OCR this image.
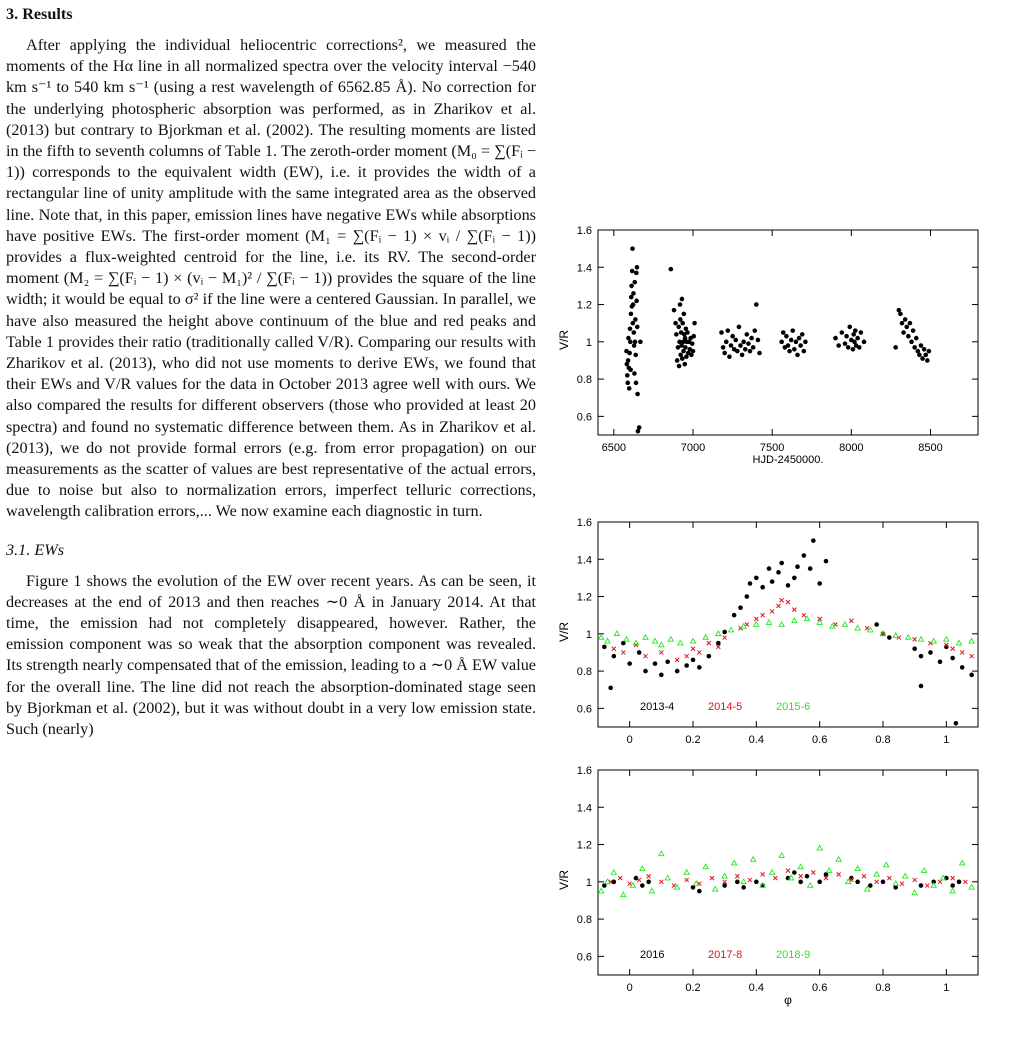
3. Results

After applying the individual heliocentric corrections², we measured the moments of the Hα line in all normalized spectra over the velocity interval −540 km s⁻¹ to 540 km s⁻¹ (using a rest wavelength of 6562.85 Å). No correction for the underlying photospheric absorption was performed, as in Zharikov et al. (2013) but contrary to Bjorkman et al. (2002). The resulting moments are listed in the fifth to seventh columns of Table 1. The zeroth-order moment (M₀ = ∑(Fᵢ − 1)) corresponds to the equivalent width (EW), i.e. it provides the width of a rectangular line of unity amplitude with the same integrated area as the observed line. Note that, in this paper, emission lines have negative EWs while absorptions have positive EWs. The first-order moment (M₁ = ∑(Fᵢ − 1) × vᵢ / ∑(Fᵢ − 1)) provides a flux-weighted centroid for the line, i.e. its RV. The second-order moment (M₂ = ∑(Fᵢ − 1) × (vᵢ − M₁)² / ∑(Fᵢ − 1)) provides the square of the line width; it would be equal to σ² if the line were a centered Gaussian. In parallel, we have also measured the height above continuum of the blue and red peaks and Table 1 provides their ratio (traditionally called V/R). Comparing our results with Zharikov et al. (2013), who did not use moments to derive EWs, we found that their EWs and V/R values for the data in October 2013 agree well with ours. We also compared the results for different observers (those who provided at least 20 spectra) and found no systematic difference between them. As in Zharikov et al. (2013), we do not provide formal errors (e.g. from error propagation) on our measurements as the scatter of values are best representative of the actual errors, due to noise but also to normalization errors, imperfect telluric corrections, wavelength calibration errors,... We now examine each diagnostic in turn.

3.1. EWs

Figure 1 shows the evolution of the EW over recent years. As can be seen, it decreases at the end of 2013 and then reaches ∼0 Å in January 2014. At that time, the emission had not completely disappeared, however. Rather, the emission component was so weak that the absorption component was revealed. Its strength nearly compensated that of the emission, leading to a ∼0 Å EW value for the overall line. The line did not reach the absorption-dominated stage seen by Bjorkman et al. (2002), but it was without doubt in a very low emission state. Such (nearly)

0.6
0.8
1
1.2
1.4
1.6
6500	7000	7500	8000	8500
V/R
HJD-2450000.
0.6
0.8
1
1.2
1.4
1.6
0	0.2	0.4	0.6	0.8	1
V/R
2013-4	2014-5	2015-6
0.6
0.8
1
1.2
1.4
1.6
0	0.2	0.4	0.6	0.8	1
V/R
φ
2016	2017-8	2018-9
